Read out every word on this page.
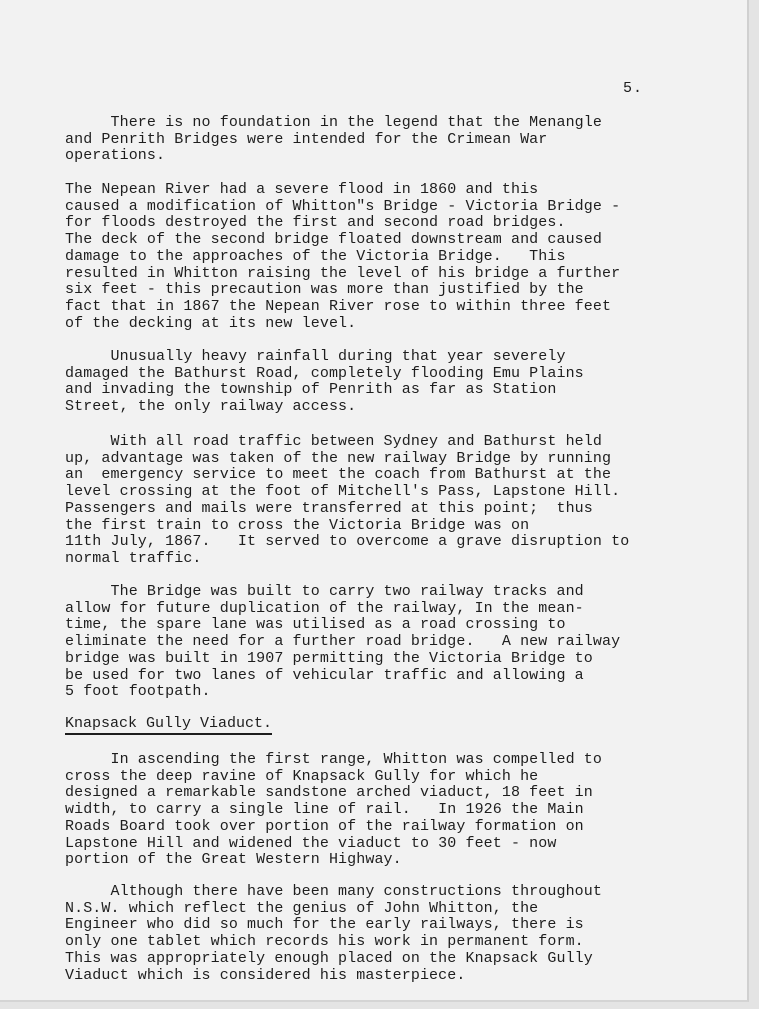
5.

There is no foundation in the legend that the Menangle

and Penrith Bridges were intended for the Crimean War

operations.

The Nepean River had a severe flood in 1860 and this

caused a modification of Whitton"s Bridge - Victoria Bridge -

for floods destroyed the first and second road bridges.

The deck of the second bridge floated downstream and caused

damage to the approaches of the Victoria Bridge.   This

resulted in Whitton raising the level of his bridge a further

six feet - this precaution was more than justified by the

fact that in 1867 the Nepean River rose to within three feet

of the decking at its new level.

Unusually heavy rainfall during that year severely

damaged the Bathurst Road, completely flooding Emu Plains

and invading the township of Penrith as far as Station

Street, the only railway access.

With all road traffic between Sydney and Bathurst held

up, advantage was taken of the new railway Bridge by running

an  emergency service to meet the coach from Bathurst at the

level crossing at the foot of Mitchell's Pass, Lapstone Hill.

Passengers and mails were transferred at this point;  thus

the first train to cross the Victoria Bridge was on

11th July, 1867.   It served to overcome a grave disruption to

normal traffic.

The Bridge was built to carry two railway tracks and

allow for future duplication of the railway, In the mean-

time, the spare lane was utilised as a road crossing to

eliminate the need for a further road bridge.   A new railway

bridge was built in 1907 permitting the Victoria Bridge to

be used for two lanes of vehicular traffic and allowing a

5 foot footpath.

In ascending the first range, Whitton was compelled to

cross the deep ravine of Knapsack Gully for which he

designed a remarkable sandstone arched viaduct, 18 feet in

width, to carry a single line of rail.   In 1926 the Main

Roads Board took over portion of the railway formation on

Lapstone Hill and widened the viaduct to 30 feet - now

portion of the Great Western Highway.

Although there have been many constructions throughout

N.S.W. which reflect the genius of John Whitton, the

Engineer who did so much for the early railways, there is

only one tablet which records his work in permanent form.

This was appropriately enough placed on the Knapsack Gully

Viaduct which is considered his masterpiece.

Knapsack Gully Viaduct.
